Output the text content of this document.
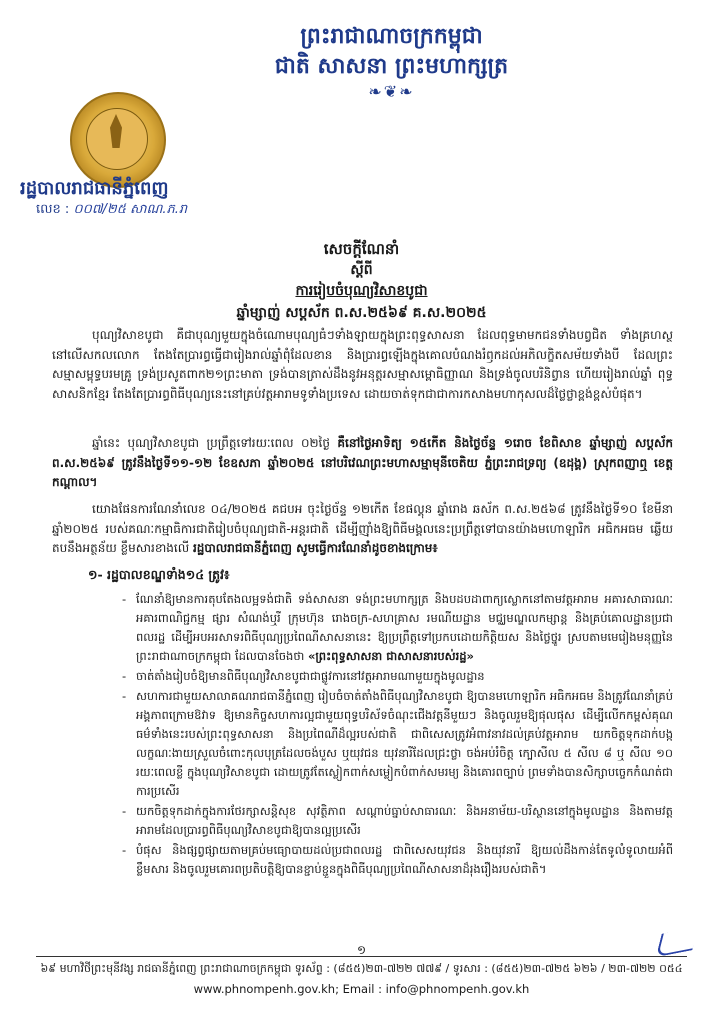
ព្រះរាជាណាចក្រកម្ពុជា
ជាតិ សាសនា ព្រះមហាក្សត្រ
❧❦❧
រដ្ឋបាលរាជធានីភ្នំពេញ
លេខ : ០០៧/២៥ សាណ.ភ.រា
សេចក្តីណែនាំ
ស្តីពី
ការរៀបចំបុណ្យវិសាខបូជា
ឆ្នាំម្សាញ់ សប្តស័ក ព.ស.២៥៦៩ គ.ស.២០២៥
បុណ្យវិសាខបូជា គឺជាបុណ្យមួយក្នុងចំណោមបុណ្យធំៗទាំងឡាយក្នុងព្រះពុទ្ធសាសនា ដែលពុទ្ធមាមកជនទាំងបព្វជិត ទាំងគ្រហស្ថនៅលើសកលលោក តែងតែប្រារព្ធធ្វើជារៀងរាល់ឆ្នាំពុំដែលខាន និងប្រារព្ធឡើងក្នុងគោលបំណងរំឭកដល់អភិលក្ខិតសម័យទាំងបី ដែលព្រះសម្មាសម្ពុទ្ធបរមគ្រូ ទ្រង់ប្រសូតពាក២១ព្រះមាតា ទ្រង់បានត្រាស់ដឹងនូវអនុត្តរសម្មាសម្ពោធិញ្ញាណ និងទ្រង់ចូលបរិនិព្វាន ហើយរៀងរាល់ឆ្នាំ ពុទ្ធសាសនិកខ្មែរ តែងតែប្រារព្ធពិធីបុណ្យនេះនៅគ្រប់វត្តអារាមទូទាំងប្រទេស ដោយចាត់ទុកជាជាការកសាងមហាកុសលដ៏ថ្លៃថ្លាខ្ពង់ខ្ពស់បំផុត។
ឆ្នាំនេះ បុណ្យវិសាខបូជា ប្រព្រឹត្តទៅរយៈពេល ០២ថ្ងៃ គឺនៅថ្ងៃអាទិត្យ ១៥កើត និងថ្ងៃច័ន្ទ ១រោច ខែពិសាខ ឆ្នាំម្សាញ់ សប្តស័ក ព.ស.២៥៦៩ ត្រូវនឹងថ្ងៃទី១១-១២ ខែឧសភា ឆ្នាំ២០២៥ នៅបរិវេណព្រះមហាសម្មាមុនីចេតិយ ភ្នំព្រះរាជទ្រព្យ (ឧដុង្គ) ស្រុកពញាឮ ខេត្តកណ្តាល។
យោងផែនការណែនាំលេខ ០៤/២០២៥ គជបអ ចុះថ្ងៃច័ន្ទ ១២កើត ខែផល្គុន ឆ្នាំរោង ឆស័ក ព.ស.២៥៦៨ ត្រូវនឹងថ្ងៃទី១០ ខែមីនា ឆ្នាំ២០២៥ របស់គណៈកម្មាធិការជាតិរៀបចំបុណ្យជាតិ-អន្តរជាតិ ដើម្បីញ៉ាំងឱ្យពិធីមង្គលនេះប្រព្រឹត្តទៅបានយ៉ាងមហោឡារិក អធិកអធម ឆ្លើយតបនឹងអត្ថន័យ ខ្លឹមសារខាងលើ រដ្ឋបាលរាជធានីភ្នំពេញ សូមធ្វើការណែនាំដូចខាងក្រោម៖
១- រដ្ឋបាលខណ្ឌទាំង១៤ ត្រូវ៖
- ណែនាំឱ្យមានការតុបតែងលម្អទង់ជាតិ ទង់សាសនា ទង់ព្រះមហាក្សត្រ និងបដបដាពាក្យស្លោកនៅតាមវត្តអារាម អគារសាធារណៈ អគារពាណិជ្ជកម្ម ផ្សារ សំណង់ឬរី ក្រុមហ៊ុន រោងចក្រ-សហគ្រាស រមណីយដ្ឋាន មជ្ឈមណ្ឌលកម្សាន្ត និងគ្រប់គោលដ្ឋានប្រជាពលរដ្ឋ ដើម្បីអបអរសាទរពិធីបុណ្យប្រពៃណីសាសនានេះ ឱ្យប្រព្រឹត្តទៅប្រកបដោយកិត្តិយស និងថ្លៃថ្នូរ ស្របតាមមេរៀងមនុញ្ញនៃព្រះរាជាណាចក្រកម្ពុជា ដែលបានចែងថា «ព្រះពុទ្ធសាសនា ជាសាសនារបស់រដ្ឋ»
- ចាត់តាំងរៀបចំឱ្យមានពិធីបុណ្យវិសាខបូជាជាផ្លូវការនៅវត្តអារាមណាមួយក្នុងមូលដ្ឋាន
- សហការជាមួយសាលាគណរាជធានីភ្នំពេញ រៀបចំចាត់តាំងពិធីបុណ្យវិសាខបូជា ឱ្យបានមហោឡារិក អធិកអធម និងត្រូវណែនាំគ្រប់អង្គភាពក្រោមឱវាទ ឱ្យមានកិច្ចសហការល្អជាមួយពុទ្ធបរិស័ទចំណុះជើងវត្តនីមួយៗ និងចូលរួមឱ្យផុលផុស ដើម្បីលើកកម្ពស់គុណធម៌ទាំងនេះរបស់ព្រះពុទ្ធសាសនា និងប្រពៃណីដ៏ល្អរបស់ជាតិ ជាពិសេសត្រូវអំពាវនាវដល់គ្រប់វត្តអារាម យកចិត្តទុកដាក់បង្កលក្ខណៈងាយស្រួលចំពោះកុលបុត្រដែលចង់បួស ឬយុវជន យុវនារីដែលជ្រះថ្លា ចង់អប់រំចិត្ត ក្បោសីល ៥ សីល ៨ ឬ សីល ១០ រយៈពេលខ្លី ក្នុងបុណ្យវិសាខបូជា ដោយត្រូវតែស្លៀកពាក់សម្លៀកបំពាក់សមរម្យ និងគោរពច្បាប់ ព្រមទាំងបានសិក្សាបច្ចេកកំណត់ជាការប្រសើរ
- យកចិត្តទុកដាក់ក្នុងការថែរក្សាសន្តិសុខ សុវត្ថិភាព សណ្តាប់ធ្នាប់សាធារណៈ និងអនាម័យ-បរិស្ថាននៅក្នុងមូលដ្ឋាន និងតាមវត្តអារាមដែលប្រារព្ធពិធីបុណ្យវិសាខបូជាឱ្យបានល្អប្រសើរ
- បំផុស និងផ្សព្វផ្សាយតាមគ្រប់មធ្យោបាយដល់ប្រជាពលរដ្ឋ ជាពិសេសយុវជន និងយុវនារី ឱ្យយល់ដឹងកាន់តែទូលំទូលាយអំពីខ្លឹមសារ និងចូលរួមគោរពប្រតិបត្តិឱ្យបានខ្ជាប់ខ្ជួនក្នុងពិធីបុណ្យប្រពៃណីសាសនាដ៏រុងរឿងរបស់ជាតិ។
១
៦៩ មហាវិថីព្រះមុនីវង្ស រាជធានីភ្នំពេញ ព្រះរាជាណាចក្រកម្ពុជា ទូរស័ព្ទ : (៨៥៥)២៣-៧២២ ៧៧៩ / ទូរសារ : (៨៥៥)២៣-៧២៥ ៦២៦ / ២៣-៧២២ ០៥៤
www.phnompenh.gov.kh; Email : info@phnompenh.gov.kh
